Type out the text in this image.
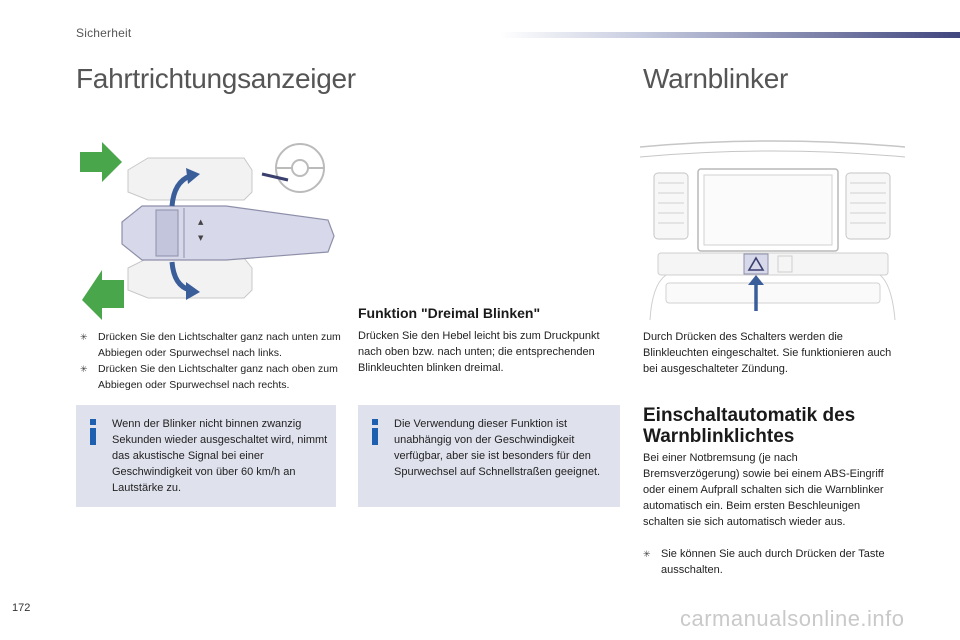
Sicherheit
Fahrtrichtungsanzeiger	Warnblinker
▲
▼
✳ Drücken Sie den Lichtschalter ganz nach unten zum Abbiegen oder Spurwechsel nach links.
✳ Drücken Sie den Lichtschalter ganz nach oben zum Abbiegen oder Spurwechsel nach rechts.
Wenn der Blinker nicht binnen zwanzig Sekunden wieder ausgeschaltet wird, nimmt das akustische Signal bei einer Geschwindigkeit von über 60 km/h an Lautstärke zu.
Funktion "Dreimal Blinken"
Drücken Sie den Hebel leicht bis zum Druckpunkt nach oben bzw. nach unten; die entsprechenden Blinkleuchten blinken dreimal.
Die Verwendung dieser Funktion ist unabhängig von der Geschwindigkeit verfügbar, aber sie ist besonders für den Spurwechsel auf Schnellstraßen geeignet.
Durch Drücken des Schalters werden die Blinkleuchten eingeschaltet. Sie funktionieren auch bei ausgeschalteter Zündung.
Einschaltautomatik des Warnblinklichtes
Bei einer Notbremsung (je nach Bremsverzögerung) sowie bei einem ABS-Eingriff oder einem Aufprall schalten sich die Warnblinker automatisch ein. Beim ersten Beschleunigen schalten sie sich automatisch wieder aus.
✳ Sie können Sie auch durch Drücken der Taste ausschalten.
172	carmanualsonline.info
